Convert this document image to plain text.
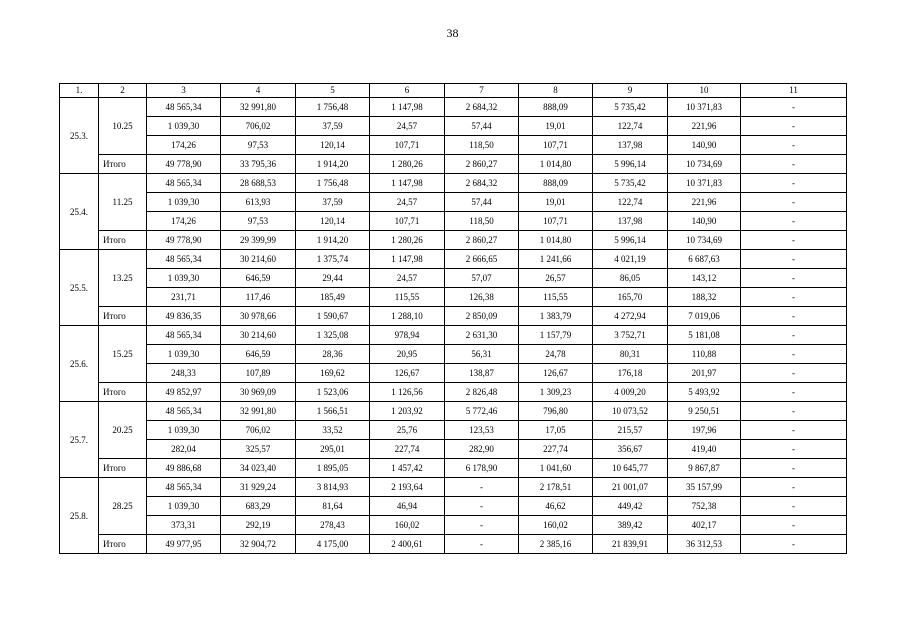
38
1.	2	3	4	5	6	7	8	9	10	11
25.3.	10.25	48 565,34	32 991,80	1 756,48	1 147,98	2 684,32	888,09	5 735,42	10 371,83	-
		1 039,30	706,02	37,59	24,57	57,44	19,01	122,74	221,96	-
		174,26	97,53	120,14	107,71	118,50	107,71	137,98	140,90	-
	Итого	49 778,90	33 795,36	1 914,20	1 280,26	2 860,27	1 014,80	5 996,14	10 734,69	-
25.4.	11.25	48 565,34	28 688,53	1 756,48	1 147,98	2 684,32	888,09	5 735,42	10 371,83	-
		1 039,30	613,93	37,59	24,57	57,44	19,01	122,74	221,96	-
		174,26	97,53	120,14	107,71	118,50	107,71	137,98	140,90	-
	Итого	49 778,90	29 399,99	1 914,20	1 280,26	2 860,27	1 014,80	5 996,14	10 734,69	-
25.5.	13.25	48 565,34	30 214,60	1 375,74	1 147,98	2 666,65	1 241,66	4 021,19	6 687,63	-
		1 039,30	646,59	29,44	24,57	57,07	26,57	86,05	143,12	-
		231,71	117,46	185,49	115,55	126,38	115,55	165,70	188,32	-
	Итого	49 836,35	30 978,66	1 590,67	1 288,10	2 850,09	1 383,79	4 272,94	7 019,06	-
25.6.	15.25	48 565,34	30 214,60	1 325,08	978,94	2 631,30	1 157,79	3 752,71	5 181,08	-
		1 039,30	646,59	28,36	20,95	56,31	24,78	80,31	110,88	-
		248,33	107,89	169,62	126,67	138,87	126,67	176,18	201,97	-
	Итого	49 852,97	30 969,09	1 523,06	1 126,56	2 826,48	1 309,23	4 009,20	5 493,92	-
25.7.	20.25	48 565,34	32 991,80	1 566,51	1 203,92	5 772,46	796,80	10 073,52	9 250,51	-
		1 039,30	706,02	33,52	25,76	123,53	17,05	215,57	197,96	-
		282,04	325,57	295,01	227,74	282,90	227,74	356,67	419,40	-
	Итого	49 886,68	34 023,40	1 895,05	1 457,42	6 178,90	1 041,60	10 645,77	9 867,87	-
25.8.	28.25	48 565,34	31 929,24	3 814,93	2 193,64	-	2 178,51	21 001,07	35 157,99	-
		1 039,30	683,29	81,64	46,94	-	46,62	449,42	752,38	-
		373,31	292,19	278,43	160,02	-	160,02	389,42	402,17	-
	Итого	49 977,95	32 904,72	4 175,00	2 400,61	-	2 385,16	21 839,91	36 312,53	-
